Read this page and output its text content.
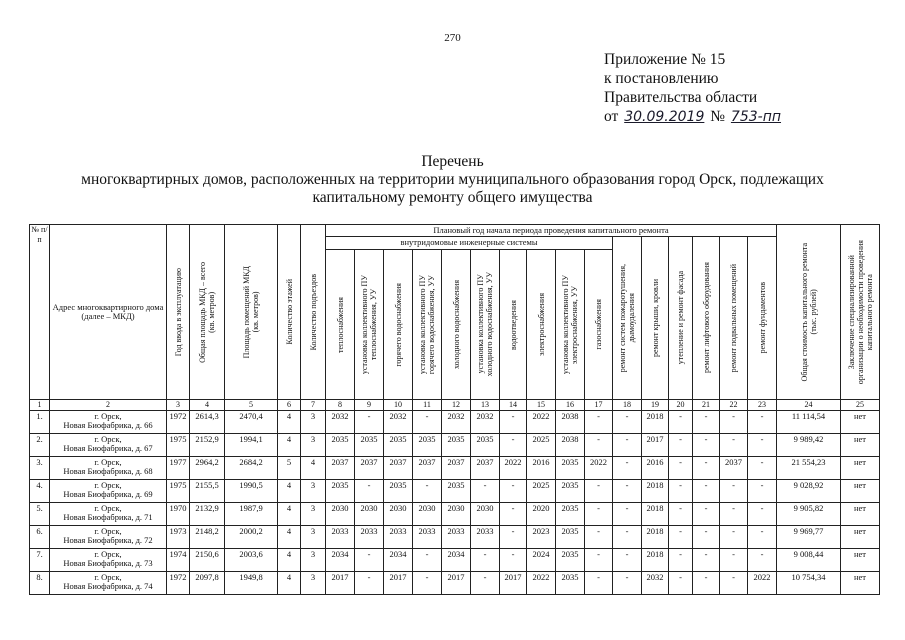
270
Приложение № 15
к постановлению
Правительства области
от 30.09.2019 № 753-пп
Перечень
многоквартирных домов, расположенных на территории муниципального образования город Орск, подлежащих
капитальному ремонту общего имущества
№ п/п	Адрес многоквартирного дома (далее – МКД)	Год ввода в эксплуатацию	Общая площадь МКД – всего
(кв. метров)	Площадь помещений МКД
(кв. метров)	Количество этажей	Количество подъездов	Плановый год начала периода проведения капитального ремонта																Общая стоимость капитального ремонта
(тыс. рублей)	Заключение специализированной
организации о необходимости проведения
капитального ремонта

							внутридомовые инженерные системы										ремонт систем пожаротушения,
дымоудаления	ремонт крыши, кровли	утепление и ремонт фасада	ремонт лифтового оборудования	ремонт подвальных помещений	ремонт фундаментов		

							теплоснабжения	установка коллективного ПУ
теплоснабжения, УУ	горячего водоснабжения	установка коллективного ПУ
горячего водоснабжения, УУ	холодного водоснабжения	установка коллективного ПУ
холодного водоснабжения, УУ	водоотведения	электроснабжения	установка коллективного ПУ
электроснабжения, УУ	газоснабжения								

1	2	3	4	5	6	7	8	9	10	11	12	13	14	15	16	17	18	19	20	21	22	23	24	25
1.	г. Орск,
Новая Биофабрика, д. 66	1972	2614,3	2470,4	4	3	2032	-	2032	-	2032	2032	-	2022	2038	-	-	2018	-	-	-	-	11 114,54	нет
2.	г. Орск,
Новая Биофабрика, д. 67	1975	2152,9	1994,1	4	3	2035	2035	2035	2035	2035	2035	-	2025	2038	-	-	2017	-	-	-	-	9 989,42	нет
3.	г. Орск,
Новая Биофабрика, д. 68	1977	2964,2	2684,2	5	4	2037	2037	2037	2037	2037	2037	2022	2016	2035	2022	-	2016	-	-	2037	-	21 554,23	нет
4.	г. Орск,
Новая Биофабрика, д. 69	1975	2155,5	1990,5	4	3	2035	-	2035	-	2035	-	-	2025	2035	-	-	2018	-	-	-	-	9 028,92	нет
5.	г. Орск,
Новая Биофабрика, д. 71	1970	2132,9	1987,9	4	3	2030	2030	2030	2030	2030	2030	-	2020	2035	-	-	2018	-	-	-	-	9 905,82	нет
6.	г. Орск,
Новая Биофабрика, д. 72	1973	2148,2	2000,2	4	3	2033	2033	2033	2033	2033	2033	-	2023	2035	-	-	2018	-	-	-	-	9 969,77	нет
7.	г. Орск,
Новая Биофабрика, д. 73	1974	2150,6	2003,6	4	3	2034	-	2034	-	2034	-	-	2024	2035	-	-	2018	-	-	-	-	9 008,44	нет
8.	г. Орск,
Новая Биофабрика, д. 74	1972	2097,8	1949,8	4	3	2017	-	2017	-	2017	-	2017	2022	2035	-	-	2032	-	-	-	2022	10 754,34	нет
